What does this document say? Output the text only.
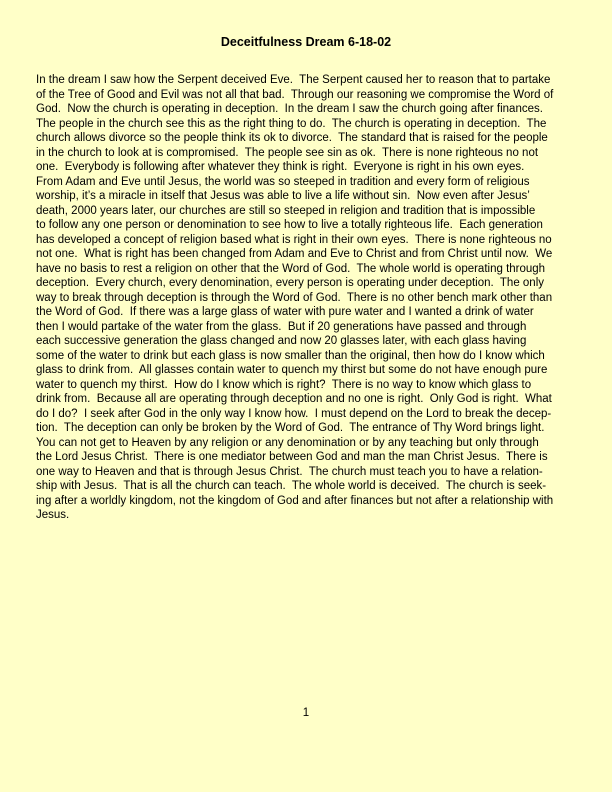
Deceitfulness Dream 6-18-02
In the dream I saw how the Serpent deceived Eve.  The Serpent caused her to reason that to partake
of the Tree of Good and Evil was not all that bad.  Through our reasoning we compromise the Word of
God.  Now the church is operating in deception.  In the dream I saw the church going after finances.
The people in the church see this as the right thing to do.  The church is operating in deception.  The
church allows divorce so the people think its ok to divorce.  The standard that is raised for the people
in the church to look at is compromised.  The people see sin as ok.  There is none righteous no not
one.  Everybody is following after whatever they think is right.  Everyone is right in his own eyes.
From Adam and Eve until Jesus, the world was so steeped in tradition and every form of religious
worship, it’s a miracle in itself that Jesus was able to live a life without sin.  Now even after Jesus’
death, 2000 years later, our churches are still so steeped in religion and tradition that is impossible
to follow any one person or denomination to see how to live a totally righteous life.  Each generation
has developed a concept of religion based what is right in their own eyes.  There is none righteous no
not one.  What is right has been changed from Adam and Eve to Christ and from Christ until now.  We
have no basis to rest a religion on other that the Word of God.  The whole world is operating through
deception.  Every church, every denomination, every person is operating under deception.  The only
way to break through deception is through the Word of God.  There is no other bench mark other than
the Word of God.  If there was a large glass of water with pure water and I wanted a drink of water
then I would partake of the water from the glass.  But if 20 generations have passed and through
each successive generation the glass changed and now 20 glasses later, with each glass having
some of the water to drink but each glass is now smaller than the original, then how do I know which
glass to drink from.  All glasses contain water to quench my thirst but some do not have enough pure
water to quench my thirst.  How do I know which is right?  There is no way to know which glass to
drink from.  Because all are operating through deception and no one is right.  Only God is right.  What
do I do?  I seek after God in the only way I know how.  I must depend on the Lord to break the decep-
tion.  The deception can only be broken by the Word of God.  The entrance of Thy Word brings light.
You can not get to Heaven by any religion or any denomination or by any teaching but only through
the Lord Jesus Christ.  There is one mediator between God and man the man Christ Jesus.  There is
one way to Heaven and that is through Jesus Christ.  The church must teach you to have a relation-
ship with Jesus.  That is all the church can teach.  The whole world is deceived.  The church is seek-
ing after a worldly kingdom, not the kingdom of God and after finances but not after a relationship with
Jesus.
1
